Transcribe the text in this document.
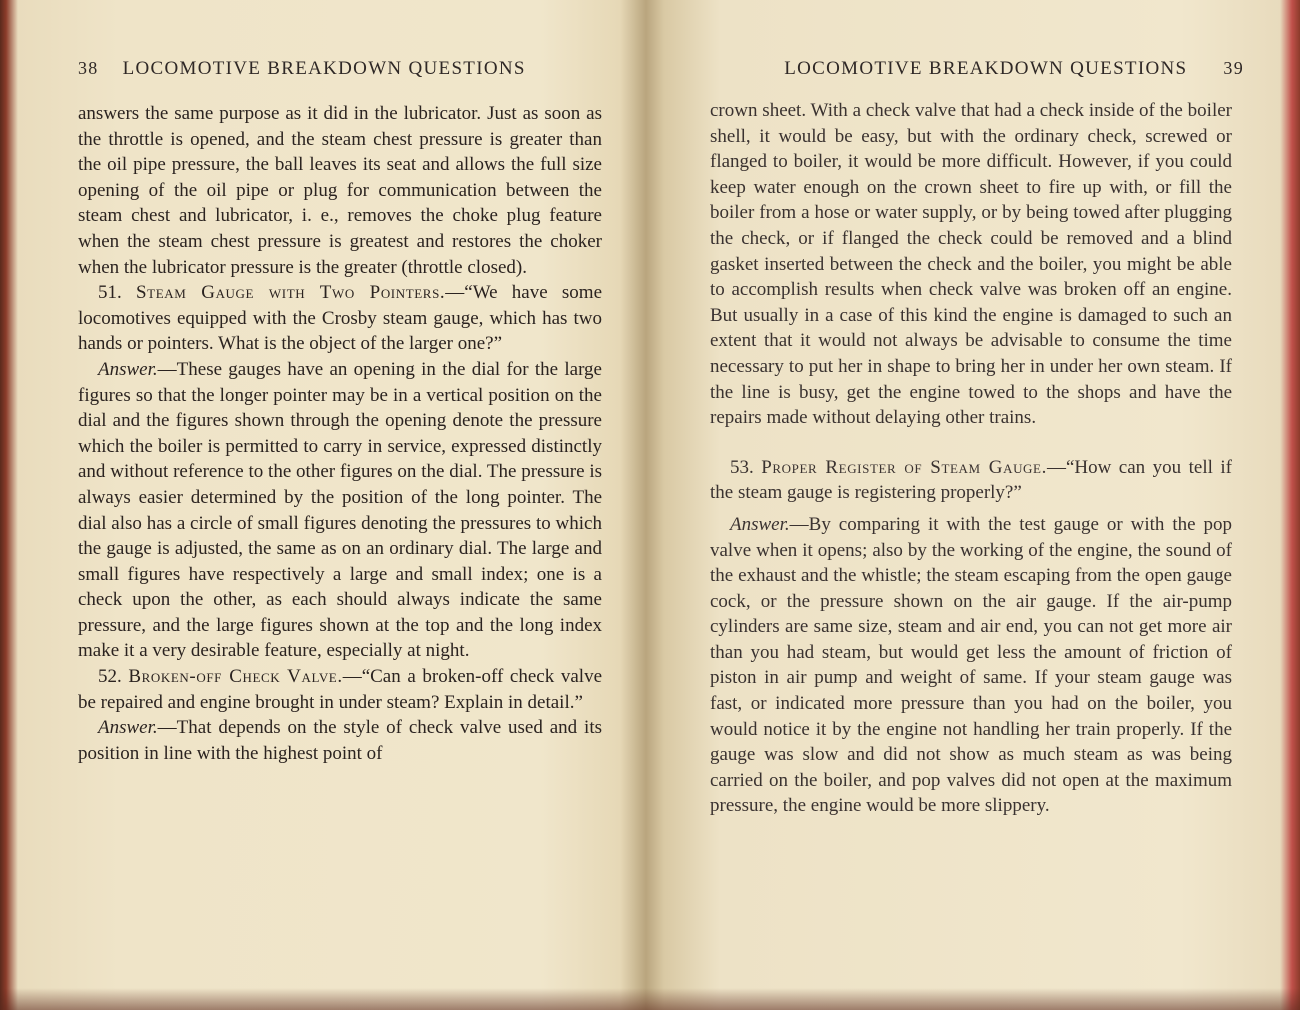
38 LOCOMOTIVE BREAKDOWN QUESTIONS

answers the same purpose as it did in the lubricator. Just as soon as the throttle is opened, and the steam chest pressure is greater than the oil pipe pressure, the ball leaves its seat and allows the full size opening of the oil pipe or plug for communication between the steam chest and lubricator, i. e., removes the choke plug feature when the steam chest pressure is greatest and restores the choker when the lubricator pressure is the greater (throttle closed).

51. Steam Gauge with Two Pointers.—“We have some locomotives equipped with the Crosby steam gauge, which has two hands or pointers. What is the object of the larger one?”

Answer.—These gauges have an opening in the dial for the large figures so that the longer pointer may be in a vertical position on the dial and the figures shown through the opening denote the pressure which the boiler is permitted to carry in service, expressed distinctly and without reference to the other figures on the dial. The pressure is always easier determined by the position of the long pointer. The dial also has a circle of small figures denoting the pressures to which the gauge is adjusted, the same as on an ordinary dial. The large and small figures have respectively a large and small index; one is a check upon the other, as each should always indicate the same pressure, and the large figures shown at the top and the long index make it a very desirable feature, especially at night.

52. Broken-off Check Valve.—“Can a broken-off check valve be repaired and engine brought in under steam? Explain in detail.”

Answer.—That depends on the style of check valve used and its position in line with the highest point of

LOCOMOTIVE BREAKDOWN QUESTIONS 39

crown sheet. With a check valve that had a check inside of the boiler shell, it would be easy, but with the ordinary check, screwed or flanged to boiler, it would be more difficult. However, if you could keep water enough on the crown sheet to fire up with, or fill the boiler from a hose or water supply, or by being towed after plugging the check, or if flanged the check could be removed and a blind gasket inserted between the check and the boiler, you might be able to accomplish results when check valve was broken off an engine. But usually in a case of this kind the engine is damaged to such an extent that it would not always be advisable to consume the time necessary to put her in shape to bring her in under her own steam. If the line is busy, get the engine towed to the shops and have the repairs made without delaying other trains.

53. Proper Register of Steam Gauge.—“How can you tell if the steam gauge is registering properly?”

Answer.—By comparing it with the test gauge or with the pop valve when it opens; also by the working of the engine, the sound of the exhaust and the whistle; the steam escaping from the open gauge cock, or the pressure shown on the air gauge. If the air-pump cylinders are same size, steam and air end, you can not get more air than you had steam, but would get less the amount of friction of piston in air pump and weight of same. If your steam gauge was fast, or indicated more pressure than you had on the boiler, you would notice it by the engine not handling her train properly. If the gauge was slow and did not show as much steam as was being carried on the boiler, and pop valves did not open at the maximum pressure, the engine would be more slippery.
